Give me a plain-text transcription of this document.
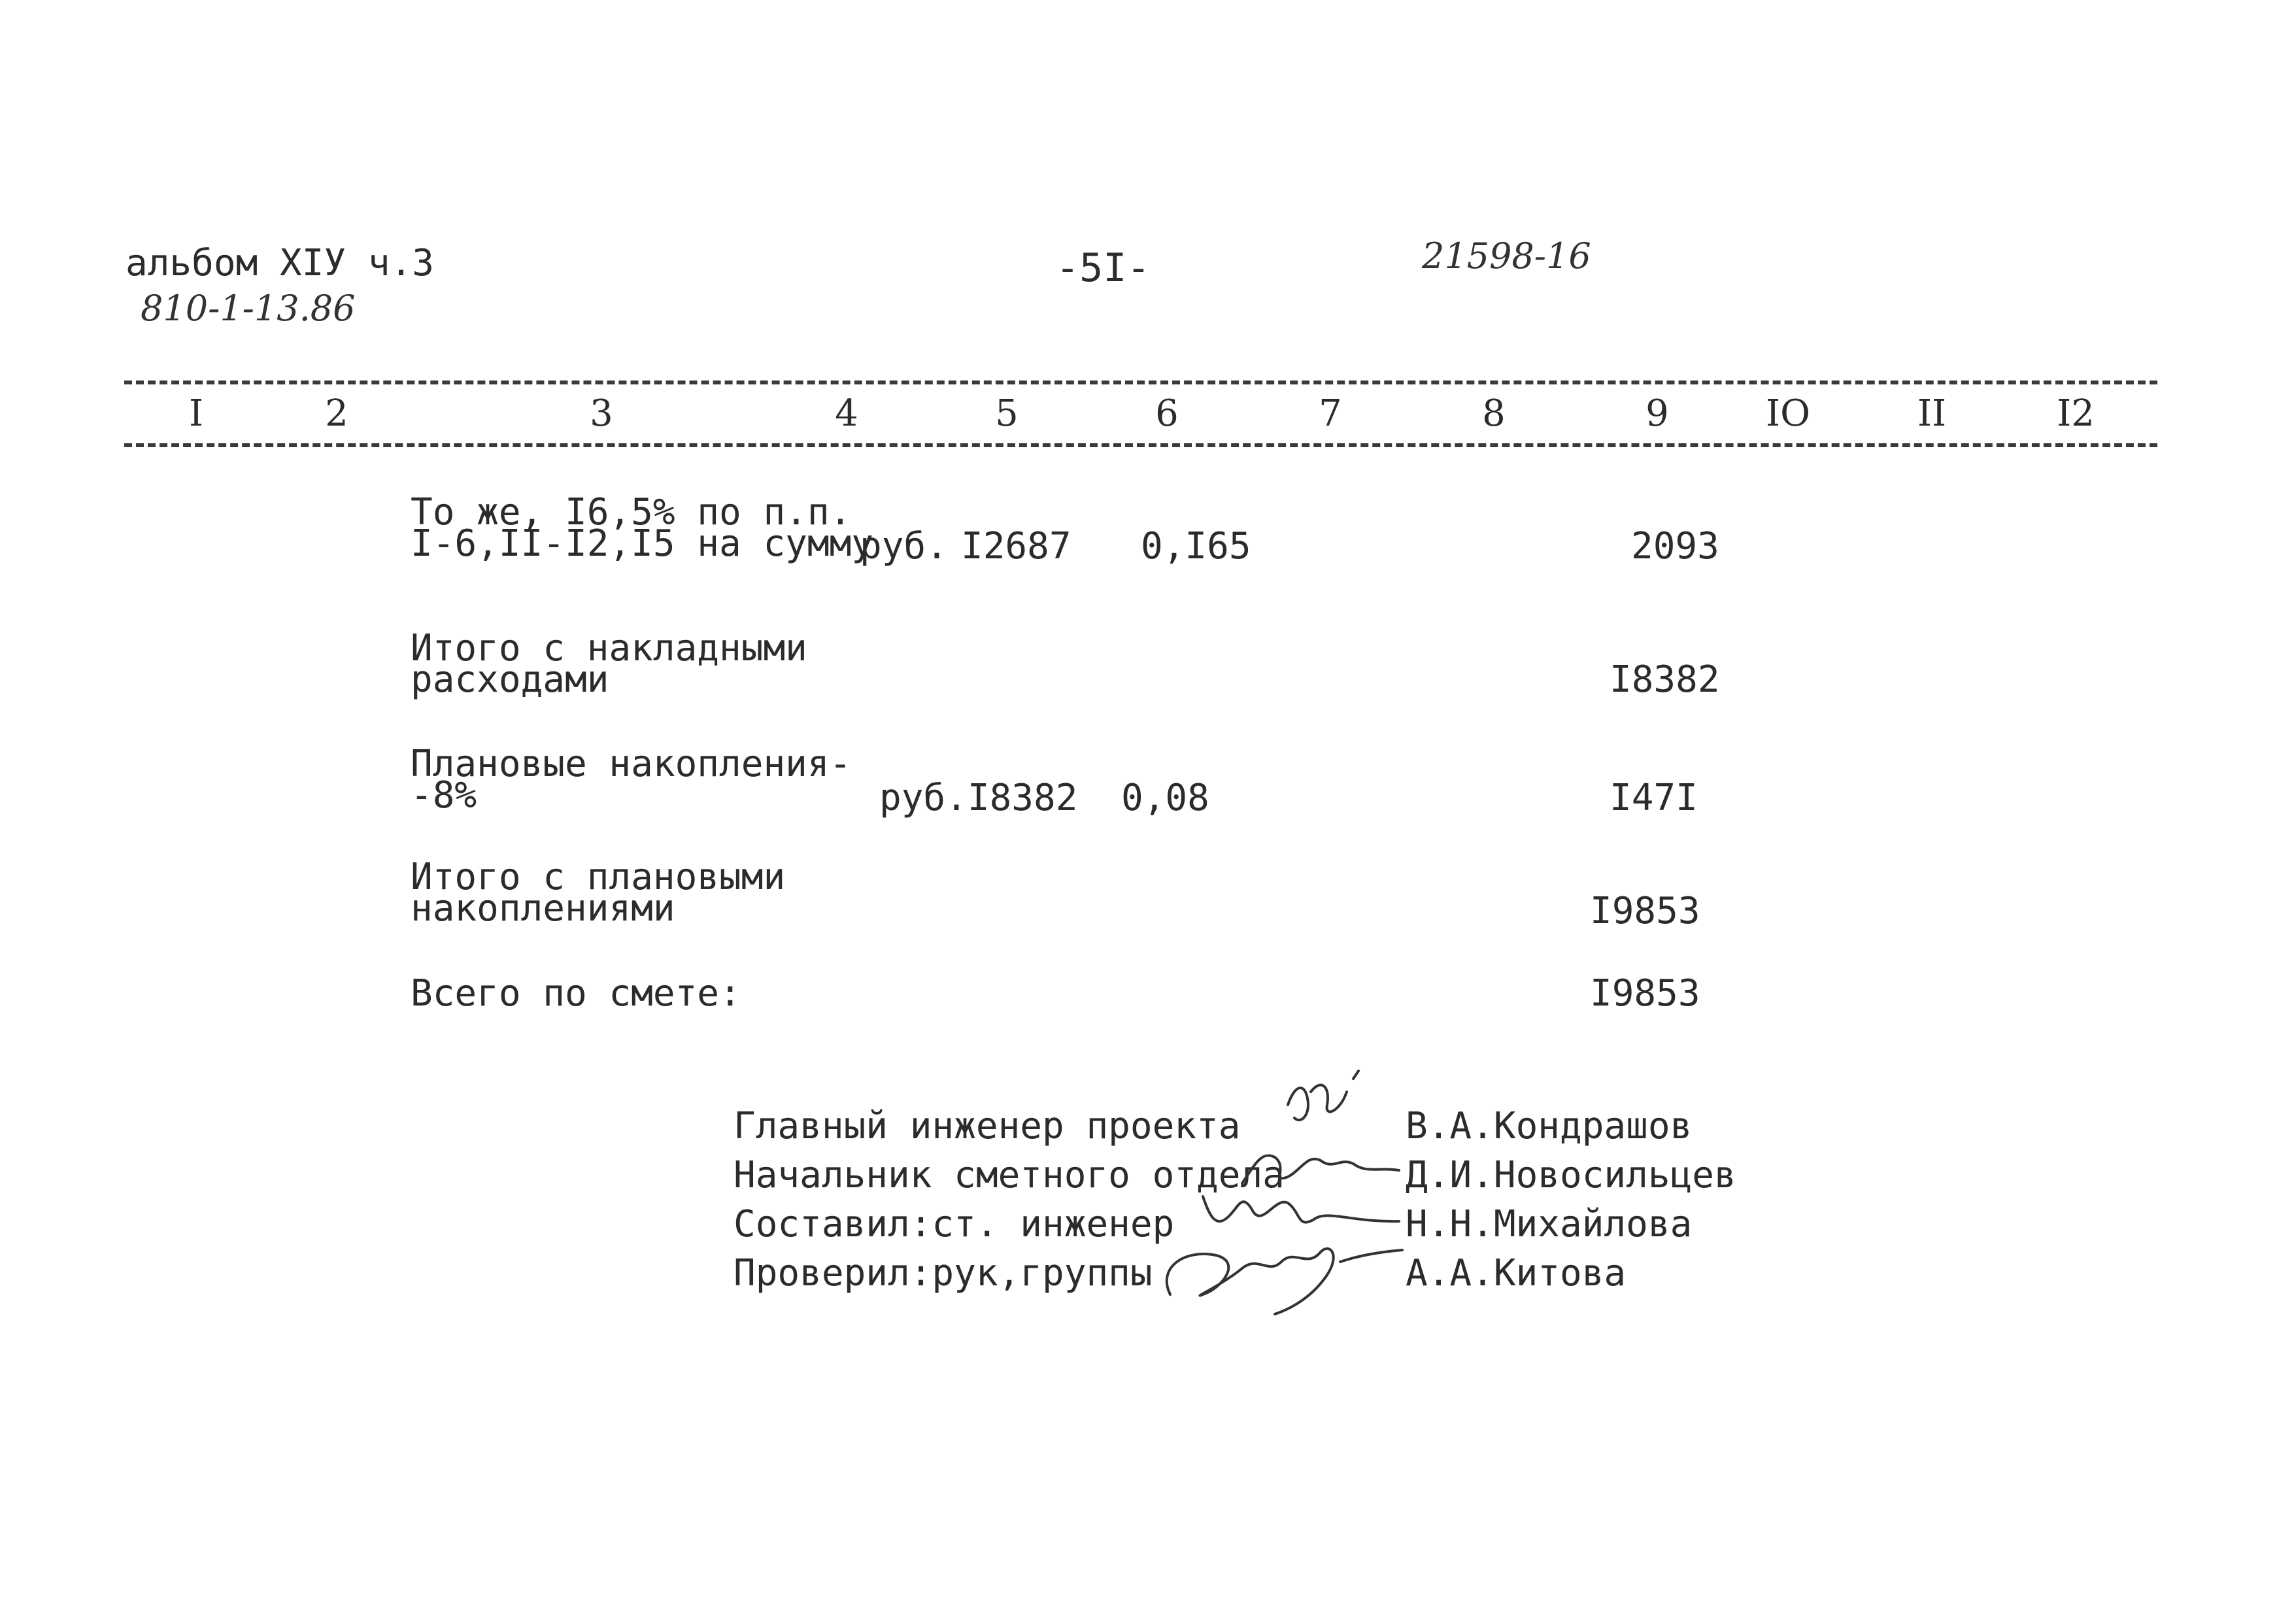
альбом XIУ ч.3
810-1-13.86
-5I-	21598-16
I	2	3	4	5	6	7	8	9	IO	II	I2
То же, I6,5% по п.п.
I-6,II-I2,I5 на сумму
руб. I2687 0,I65	2093
Итого с накладными
расходами	I8382
Плановые накопления-
-8%	руб.I8382 0,08	I47I
Итого с плановыми
накоплениями	I9853
Всего по смете:	I9853
Главный инженер проекта	В.А.Кондрашов
Начальник сметного отдела	Д.И.Новосильцев
Составил:ст. инженер	Н.Н.Михайлова
Проверил:рук,группы	А.А.Китова
